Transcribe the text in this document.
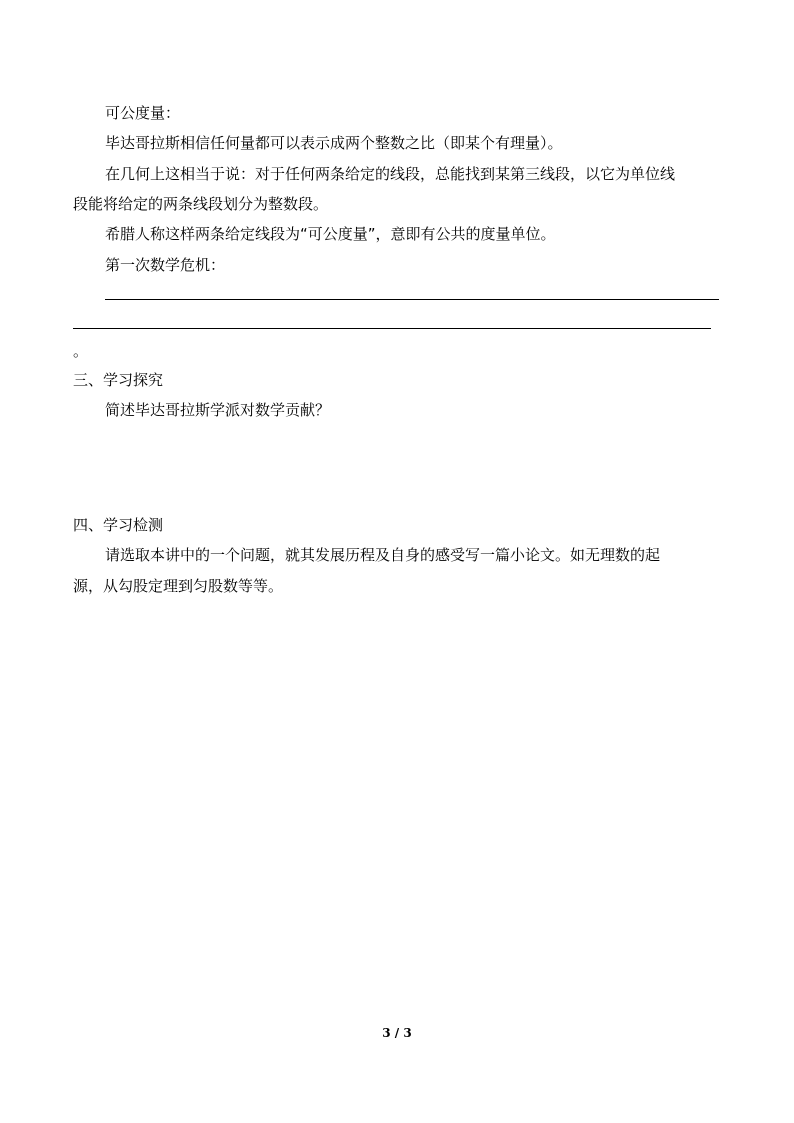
可公度量：
毕达哥拉斯相信任何量都可以表示成两个整数之比（即某个有理量）。
在几何上这相当于说：对于任何两条给定的线段，总能找到某第三线段，以它为单位线
段能将给定的两条线段划分为整数段。
希腊人称这样两条给定线段为“可公度量”，意即有公共的度量单位。
第一次数学危机：
。
三、学习探究
简述毕达哥拉斯学派对数学贡献？
四、学习检测
请选取本讲中的一个问题，就其发展历程及自身的感受写一篇小论文。如无理数的起
源，从勾股定理到匀股数等等。
3 / 3
